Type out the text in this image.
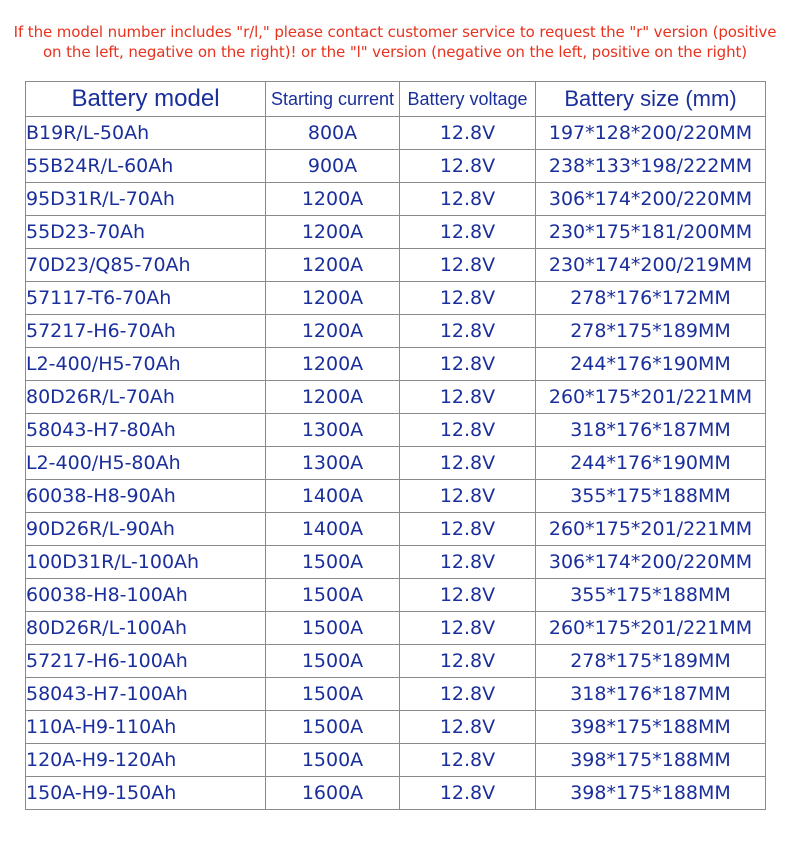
If the model number includes "r/l," please contact customer service to request the "r" version (positive
on the left, negative on the right)! or the "l" version (negative on the left, positive on the right)
Battery model	Starting current	Battery voltage	Battery size (mm)
B19R/L-50Ah	800A	12.8V	197*128*200/220MM
55B24R/L-60Ah	900A	12.8V	238*133*198/222MM
95D31R/L-70Ah	1200A	12.8V	306*174*200/220MM
55D23-70Ah	1200A	12.8V	230*175*181/200MM
70D23/Q85-70Ah	1200A	12.8V	230*174*200/219MM
57117-T6-70Ah	1200A	12.8V	278*176*172MM
57217-H6-70Ah	1200A	12.8V	278*175*189MM
L2-400/H5-70Ah	1200A	12.8V	244*176*190MM
80D26R/L-70Ah	1200A	12.8V	260*175*201/221MM
58043-H7-80Ah	1300A	12.8V	318*176*187MM
L2-400/H5-80Ah	1300A	12.8V	244*176*190MM
60038-H8-90Ah	1400A	12.8V	355*175*188MM
90D26R/L-90Ah	1400A	12.8V	260*175*201/221MM
100D31R/L-100Ah	1500A	12.8V	306*174*200/220MM
60038-H8-100Ah	1500A	12.8V	355*175*188MM
80D26R/L-100Ah	1500A	12.8V	260*175*201/221MM
57217-H6-100Ah	1500A	12.8V	278*175*189MM
58043-H7-100Ah	1500A	12.8V	318*176*187MM
110A-H9-110Ah	1500A	12.8V	398*175*188MM
120A-H9-120Ah	1500A	12.8V	398*175*188MM
150A-H9-150Ah	1600A	12.8V	398*175*188MM
